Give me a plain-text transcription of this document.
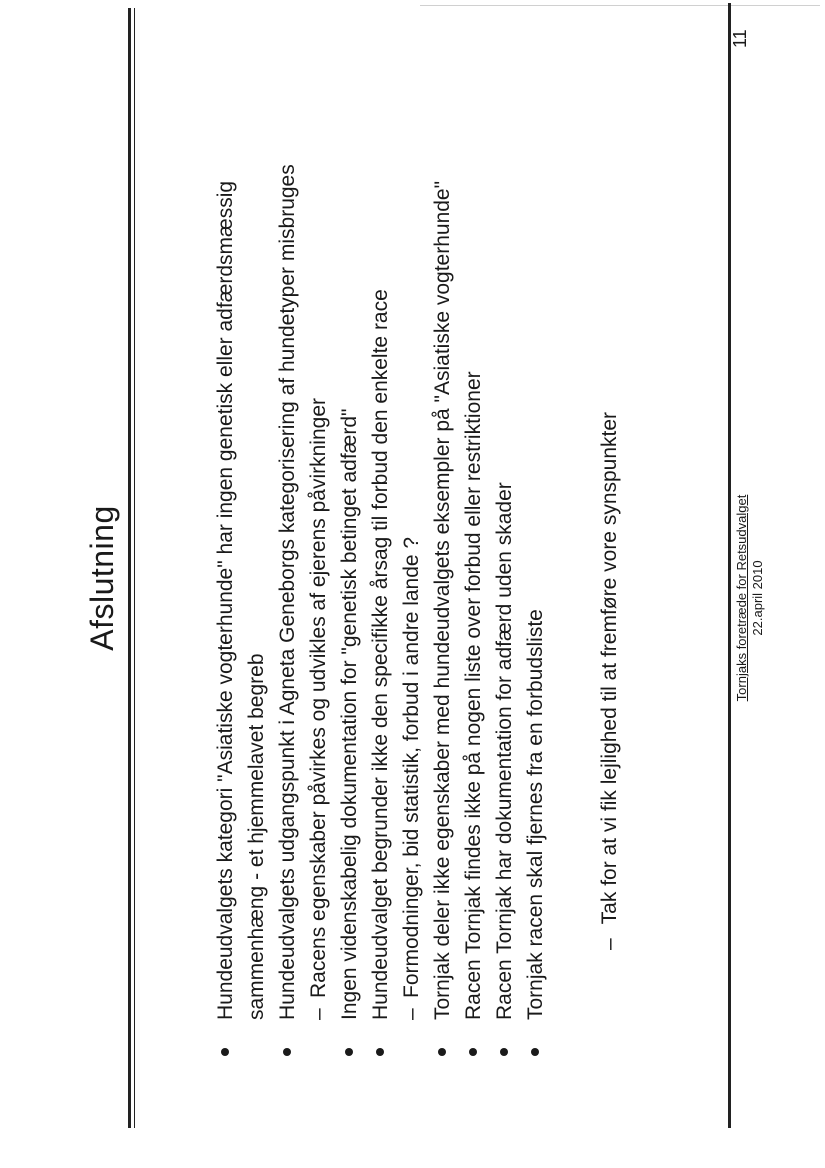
Afslutning	Hundeudvalgets kategori "Asiatiske vogterhunde" har ingen genetisk eller adfærdsmæssig sammenhæng - et hjemmelavet begreb Hundeudvalgets udgangspunkt i Agneta Geneborgs kategorisering af hundetyper misbruges –
Racens egenskaber påvirkes og udvikles af ejerens påvirkninger Ingen videnskabelig dokumentation for "genetisk betinget adfærd" Hundeudvalget begrunder ikke den specifikke årsag til forbud den enkelte race –
Formodninger, bid statistik, forbud i andre lande ? Tornjak deler ikke egenskaber med hundeudvalgets eksempler på "Asiatiske vogterhunde" Racen Tornjak findes ikke på nogen liste over forbud eller restriktioner Racen Tornjak har dokumentation for adfærd uden skader Tornjak racen skal fjernes fra en forbudsliste –Tak for at vi fik lejlighed til at fremføre vore synspunkter	Tornjaks foretræde for Retsudvalget 22.april 2010
11
